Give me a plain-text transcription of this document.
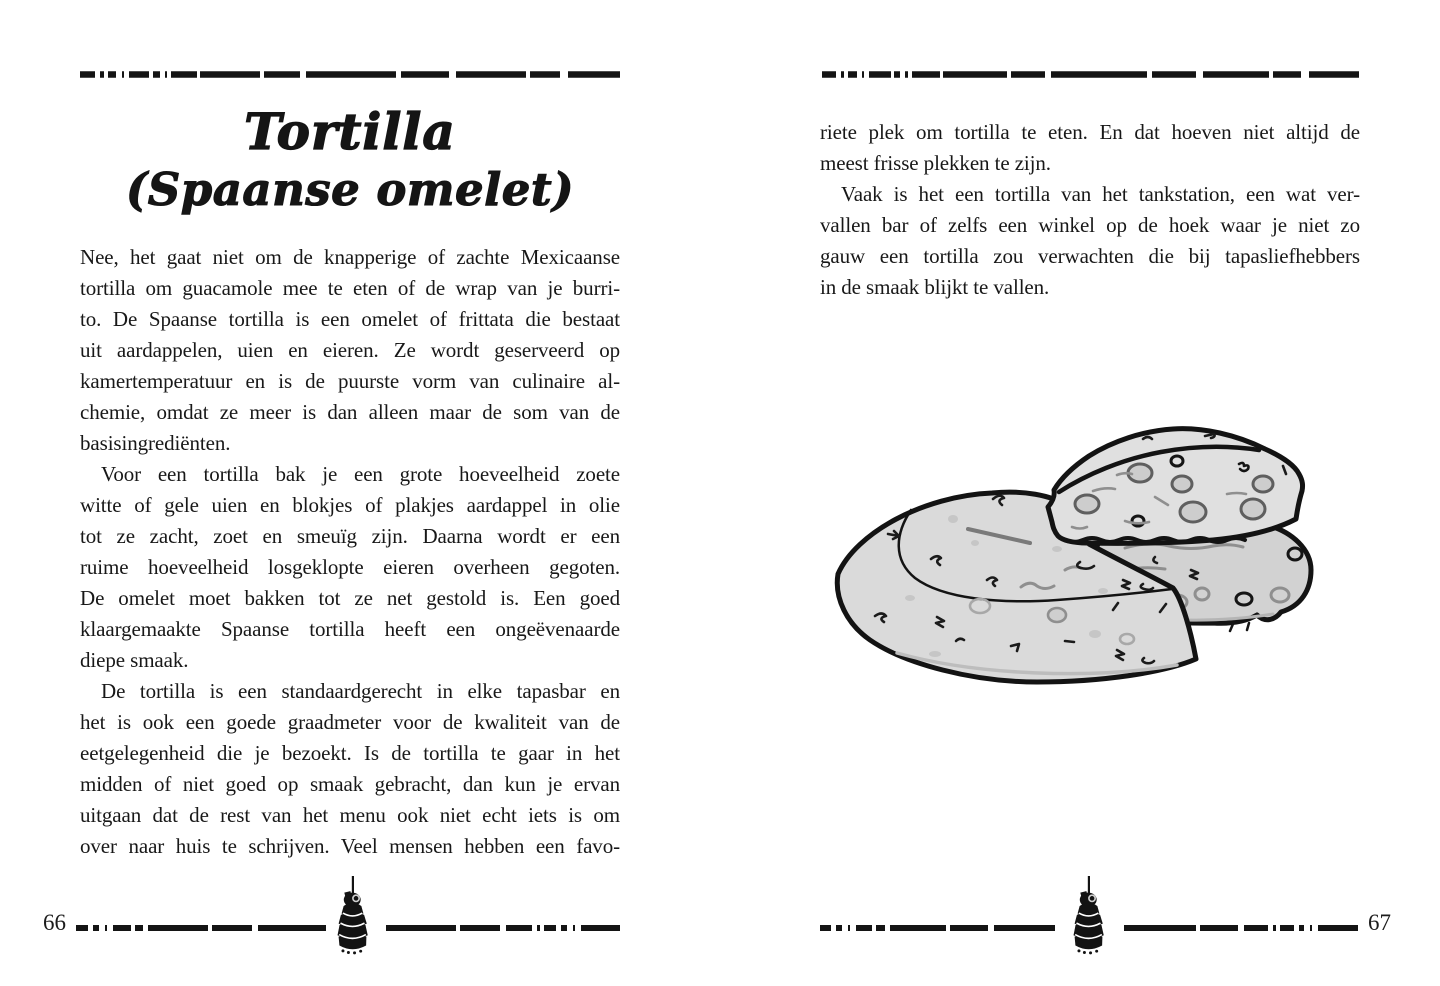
Tortilla
(Spaanse omelet)
Nee, het gaat niet om de knapperige of zachte Mexicaanse
tortilla om guacamole mee te eten of de wrap van je burri-
to. De Spaanse tortilla is een omelet of frittata die bestaat
uit aardappelen, uien en eieren. Ze wordt geserveerd op
kamertemperatuur en is de puurste vorm van culinaire al-
chemie, omdat ze meer is dan alleen maar de som van de
basisingrediënten.
Voor een tortilla bak je een grote hoeveelheid zoete
witte of gele uien en blokjes of plakjes aardappel in olie
tot ze zacht, zoet en smeuïg zijn. Daarna wordt er een
ruime hoeveelheid losgeklopte eieren overheen gegoten.
De omelet moet bakken tot ze net gestold is. Een goed
klaargemaakte Spaanse tortilla heeft een ongeëvenaarde
diepe smaak.
De tortilla is een standaardgerecht in elke tapasbar en
het is ook een goede graadmeter voor de kwaliteit van de
eetgelegenheid die je bezoekt. Is de tortilla te gaar in het
midden of niet goed op smaak gebracht, dan kun je ervan
uitgaan dat de rest van het menu ook niet echt iets is om
over naar huis te schrijven. Veel mensen hebben een favo-
66
riete plek om tortilla te eten. En dat hoeven niet altijd de
meest frisse plekken te zijn.
Vaak is het een tortilla van het tankstation, een wat ver-
vallen bar of zelfs een winkel op de hoek waar je niet zo
gauw een tortilla zou verwachten die bij tapasliefhebbers
in de smaak blijkt te vallen.
67
